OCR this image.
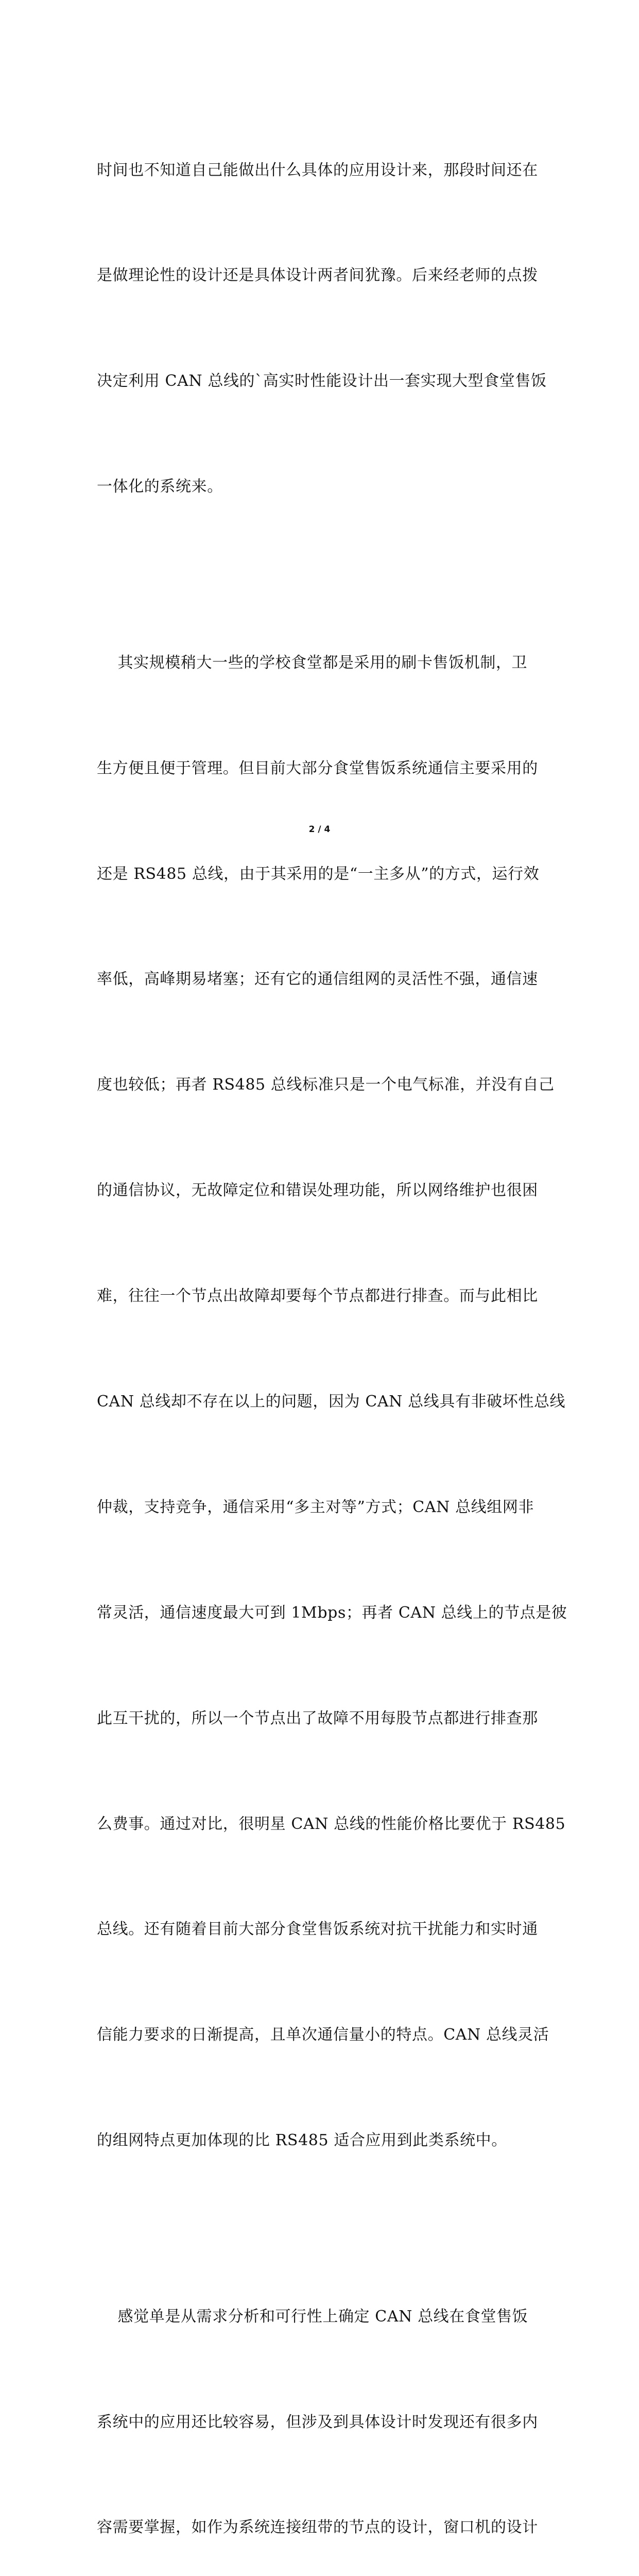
时间也不知道自己能做出什么具体的应用设计来，那段时间还在

是做理论性的设计还是具体设计两者间犹豫。后来经老师的点拨

决定利用 CAN 总线的`高实时性能设计出一套实现大型食堂售饭

一体化的系统来。

其实规模稍大一些的学校食堂都是采用的刷卡售饭机制，卫

生方便且便于管理。但目前大部分食堂售饭系统通信主要采用的

还是 RS485 总线，由于其采用的是“一主多从”的方式，运行效

率低，高峰期易堵塞；还有它的通信组网的灵活性不强，通信速

度也较低；再者 RS485 总线标准只是一个电气标准，并没有自己

的通信协议，无故障定位和错误处理功能，所以网络维护也很困

难，往往一个节点出故障却要每个节点都进行排查。而与此相比

CAN 总线却不存在以上的问题，因为 CAN 总线具有非破坏性总线

仲裁，支持竞争，通信采用“多主对等”方式；CAN 总线组网非

常灵活，通信速度最大可到 1Mbps；再者 CAN 总线上的节点是彼

此互干扰的，所以一个节点出了故障不用每股节点都进行排查那

么费事。通过对比，很明星 CAN 总线的性能价格比要优于 RS485

总线。还有随着目前大部分食堂售饭系统对抗干扰能力和实时通

信能力要求的日渐提高，且单次通信量小的特点。CAN 总线灵活

的组网特点更加体现的比 RS485 适合应用到此类系统中。

感觉单是从需求分析和可行性上确定 CAN 总线在食堂售饭

系统中的应用还比较容易，但涉及到具体设计时发现还有很多内

容需要掌握，如作为系统连接纽带的节点的设计，窗口机的设计

2 / 4
